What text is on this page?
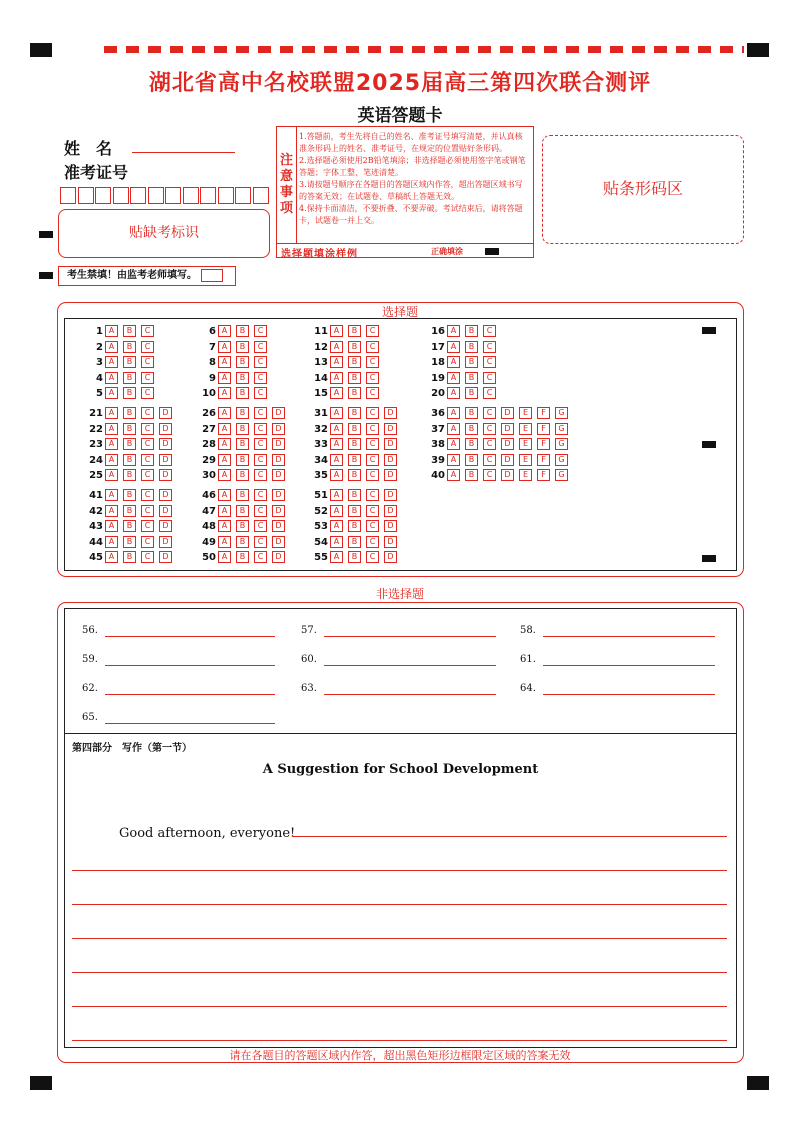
湖北省高中名校联盟2025届高三第四次联合测评
英语答题卡
姓　名
准考证号
贴缺考标识
考生禁填！由监考老师填写。
注意事项
1.答题前，考生先将自己的姓名、准考证号填写清楚，并认真核准条形码上的姓名、准考证号，在规定的位置贴好条形码。
2.选择题必须使用2B铅笔填涂；非选择题必须使用签字笔或钢笔答题；字体工整、笔迹清楚。
3.请按题号顺序在各题目的答题区域内作答，超出答题区域书写的答案无效；在试题卷、草稿纸上答题无效。
4.保持卡面清洁，不要折叠、不要弄破。考试结束后，请将答题卡，试题卷一并上交。
选择题填涂样例	正确填涂
贴条形码区
选择题
1 A B C
2 A B C
3 A B C
4 A B C
5 A B C
6 A B C
7 A B C
8 A B C
9 A B C
10 A B C
11 A B C
12 A B C
13 A B C
14 A B C
15 A B C
16 A B C
17 A B C
18 A B C
19 A B C
20 A B C
21 A B C D
22 A B C D
23 A B C D
24 A B C D
25 A B C D
26 A B C D
27 A B C D
28 A B C D
29 A B C D
30 A B C D
31 A B C D
32 A B C D
33 A B C D
34 A B C D
35 A B C D
36 A B C D E F G
37 A B C D E F G
38 A B C D E F G
39 A B C D E F G
40 A B C D E F G
41 A B C D
42 A B C D
43 A B C D
44 A B C D
45 A B C D
46 A B C D
47 A B C D
48 A B C D
49 A B C D
50 A B C D
51 A B C D
52 A B C D
53 A B C D
54 A B C D
55 A B C D
非选择题
第四部分　写作（第一节）
A Suggestion for School Development
Good afternoon, everyone!
56.	57.	58.
59.	60.	61.
62.	63.	64.
65.
请在各题目的答题区域内作答，超出黑色矩形边框限定区域的答案无效
